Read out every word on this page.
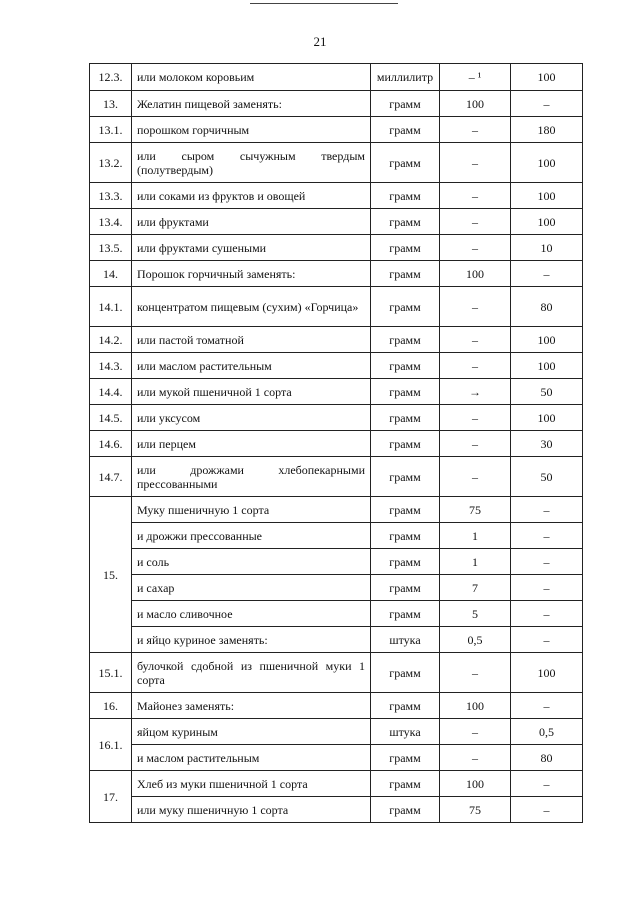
21
12.3.	или молоком коровьим	миллилитр	– ¹	100
13.	Желатин пищевой заменять:	грамм	100	–
13.1.	порошком горчичным	грамм	–	180
13.2.	или сыром сычужным твердым (полутвердым)	грамм	–	100
13.3.	или соками из фруктов и овощей	грамм	–	100
13.4.	или фруктами	грамм	–	100
13.5.	или фруктами сушеными	грамм	–	10
14.	Порошок горчичный заменять:	грамм	100	–
14.1.	концентратом пищевым (сухим) «Горчица»	грамм	–	80
14.2.	или пастой томатной	грамм	–	100
14.3.	или маслом растительным	грамм	–	100
14.4.	или мукой пшеничной 1 сорта	грамм	→	50
14.5.	или уксусом	грамм	–	100
14.6.	или перцем	грамм	–	30
14.7.	или дрожжами хлебопекарными прессованными	грамм	–	50
15.	Муку пшеничную 1 сорта	грамм	75	–
	и дрожжи прессованные	грамм	1	–
	и соль	грамм	1	–
	и сахар	грамм	7	–
	и масло сливочное	грамм	5	–
	и яйцо куриное заменять:	штука	0,5	–
15.1.	булочкой сдобной из пшеничной муки 1 сорта	грамм	–	100
16.	Майонез заменять:	грамм	100	–
16.1.	яйцом куриным	штука	–	0,5
	и маслом растительным	грамм	–	80
17.	Хлеб из муки пшеничной 1 сорта	грамм	100	–
	или муку пшеничную 1 сорта	грамм	75	–
